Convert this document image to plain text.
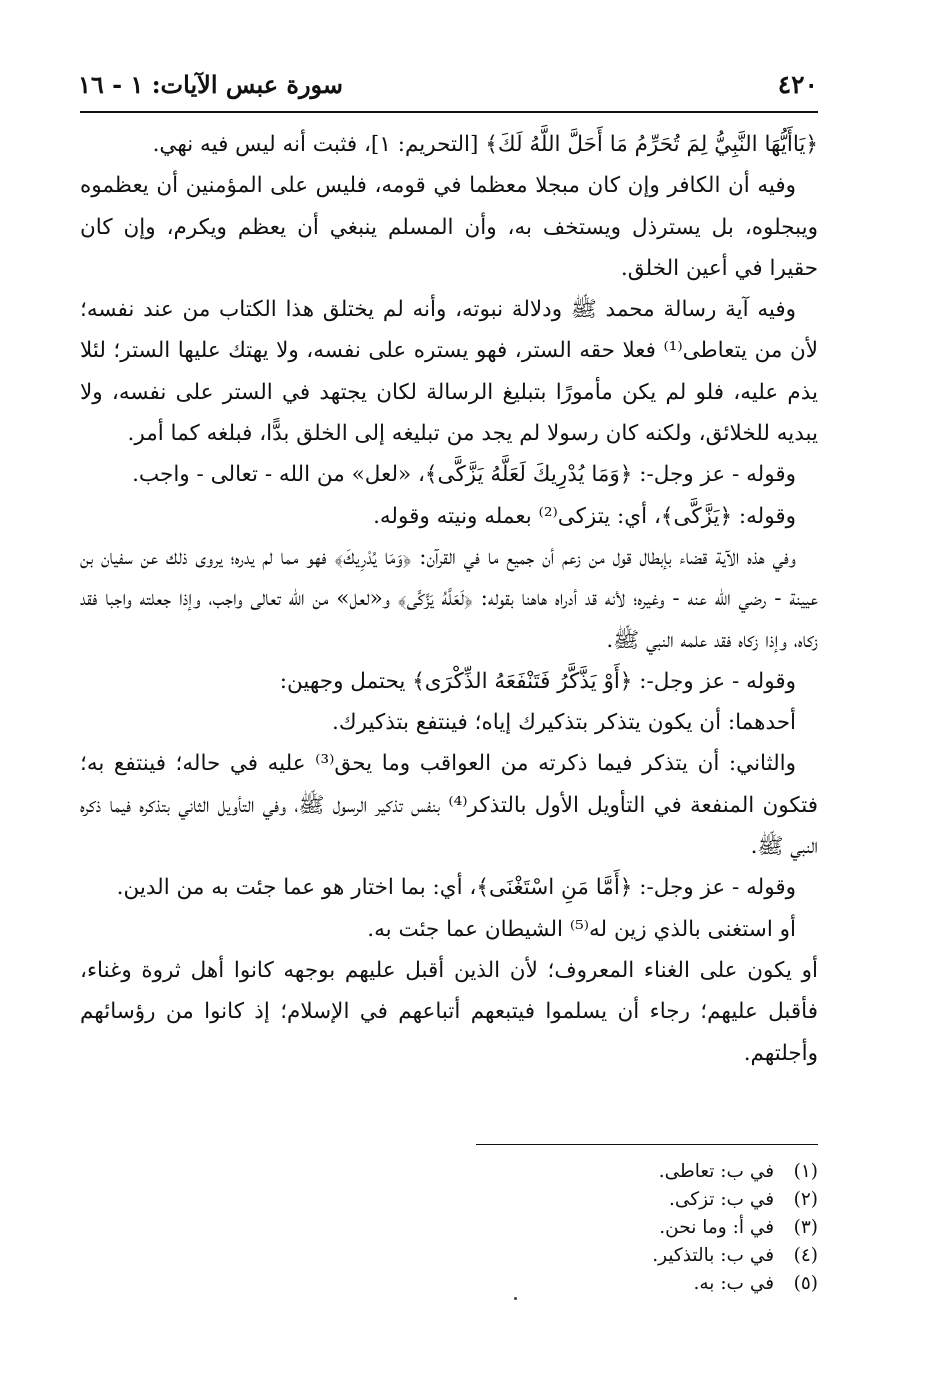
٤٢٠
سورة عبس الآيات: ١ - ١٦

﴿يَاأَيُّهَا النَّبِيُّ لِمَ تُحَرِّمُ مَا أَحَلَّ اللَّهُ لَكَ﴾ [التحريم: ١]، فثبت أنه ليس فيه نهي.

وفيه أن الكافر وإن كان مبجلا معظما في قومه، فليس على المؤمنين أن يعظموه ويبجلوه، بل يسترذل ويستخف به، وأن المسلم ينبغي أن يعظم ويكرم، وإن كان حقيرا في أعين الخلق.

وفيه آية رسالة محمد ﷺ ودلالة نبوته، وأنه لم يختلق هذا الكتاب من عند نفسه؛ لأن من يتعاطى⁽¹⁾ فعلا حقه الستر، فهو يستره على نفسه، ولا يهتك عليها الستر؛ لئلا يذم عليه، فلو لم يكن مأمورًا بتبليغ الرسالة لكان يجتهد في الستر على نفسه، ولا يبديه للخلائق، ولكنه كان رسولا لم يجد من تبليغه إلى الخلق بدًّا، فبلغه كما أمر.

وقوله - عز وجل-: ﴿وَمَا يُدْرِيكَ لَعَلَّهُ يَزَّكَّى﴾، «لعل» من الله - تعالى - واجب.

وقوله: ﴿يَزَّكَّى﴾، أي: يتزكى⁽²⁾ بعمله ونيته وقوله.

وفي هذه الآية قضاء بإبطال قول من زعم أن جميع ما في القرآن: ﴿وَمَا يُدْرِيكَ﴾ فهو مما لم يدره؛ يروى ذلك عن سفيان بن عيينة - رضي الله عنه - وغيره؛ لأنه قد أدراه هاهنا بقوله: ﴿لَعَلَّهُ يَزَّكَّى﴾ و«لعل» من الله تعالى واجب، وإذا جعلته واجبا فقد زكاه، وإذا زكاه فقد علمه النبي ﷺ.

وقوله - عز وجل-: ﴿أَوْ يَذَّكَّرُ فَتَنْفَعَهُ الذِّكْرَى﴾ يحتمل وجهين:

أحدهما: أن يكون يتذكر بتذكيرك إياه؛ فينتفع بتذكيرك.

والثاني: أن يتذكر فيما ذكرته من العواقب وما يحق⁽³⁾ عليه في حاله؛ فينتفع به؛ فتكون المنفعة في التأويل الأول بالتذكر⁽⁴⁾ بنفس تذكير الرسول ﷺ، وفي التأويل الثاني بتذكره فيما ذكره النبي ﷺ.

وقوله - عز وجل-: ﴿أَمَّا مَنِ اسْتَغْنَى﴾، أي: بما اختار هو عما جئت به من الدين.

أو استغنى بالذي زين له⁽⁵⁾ الشيطان عما جئت به.

أو يكون على الغناء المعروف؛ لأن الذين أقبل عليهم بوجهه كانوا أهل ثروة وغناء، فأقبل عليهم؛ رجاء أن يسلموا فيتبعهم أتباعهم في الإسلام؛ إذ كانوا من رؤسائهم وأجلتهم.

(١) في ب: تعاطى.
(٢) في ب: تزكى.
(٣) في أ: وما نحن.
(٤) في ب: بالتذكير.
(٥) في ب: به.
